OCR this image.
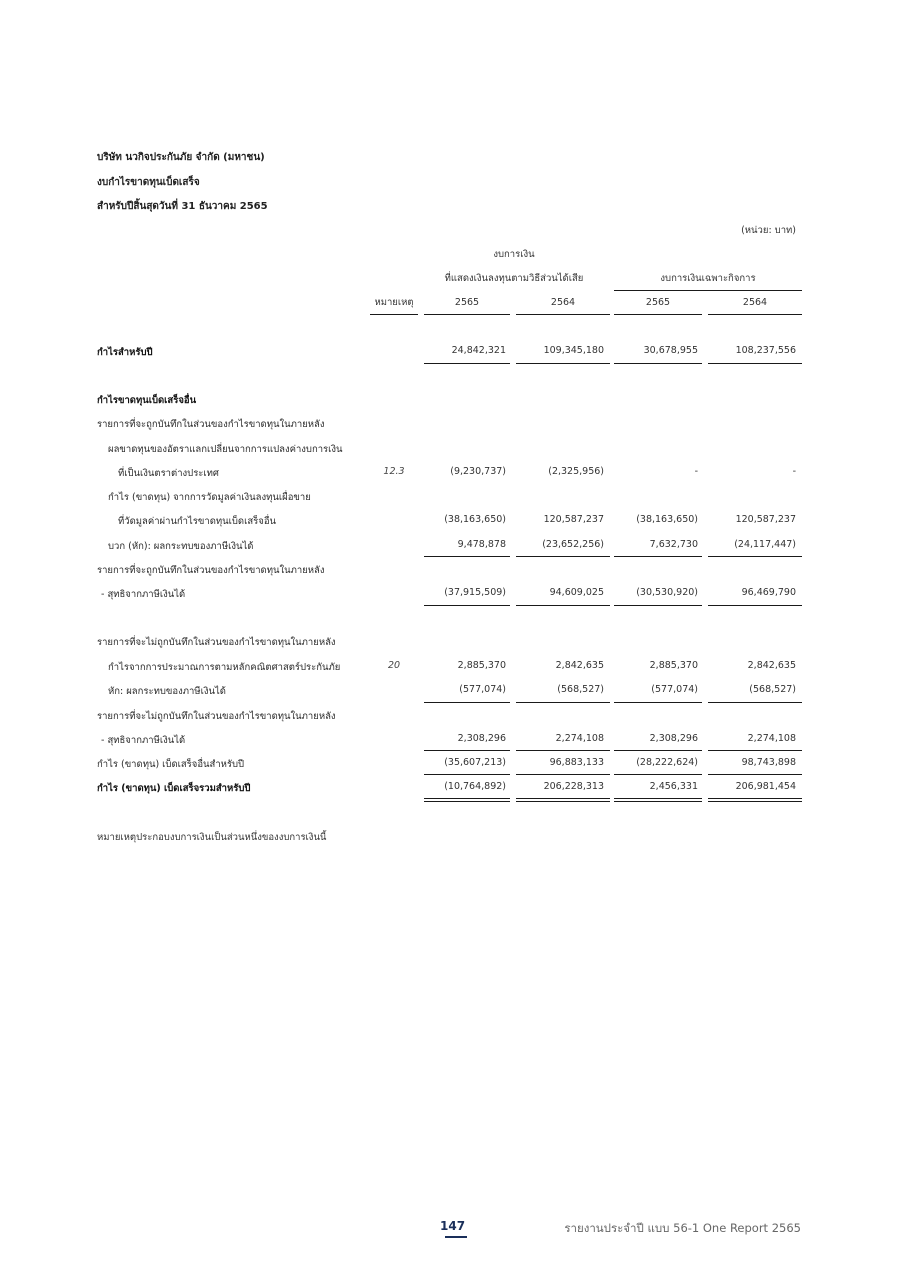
บริษัท นวกิจประกันภัย จำกัด (มหาชน)
งบกำไรขาดทุนเบ็ดเสร็จ
สำหรับปีสิ้นสุดวันที่ 31 ธันวาคม 2565
(หน่วย: บาท)
งบการเงิน
ที่แสดงเงินลงทุนตามวิธีส่วนได้เสีย	งบการเงินเฉพาะกิจการ
หมายเหตุ	2565	2564	2565	2564
กำไรสำหรับปี	24,842,321	109,345,180	30,678,955	108,237,556
กำไรขาดทุนเบ็ดเสร็จอื่น
รายการที่จะถูกบันทึกในส่วนของกำไรขาดทุนในภายหลัง
ผลขาดทุนของอัตราแลกเปลี่ยนจากการแปลงค่างบการเงิน
ที่เป็นเงินตราต่างประเทศ	12.3	(9,230,737)	(2,325,956)	-	-
กำไร (ขาดทุน) จากการวัดมูลค่าเงินลงทุนเผื่อขาย
ที่วัดมูลค่าผ่านกำไรขาดทุนเบ็ดเสร็จอื่น	(38,163,650)	120,587,237	(38,163,650)	120,587,237
บวก (หัก): ผลกระทบของภาษีเงินได้	9,478,878	(23,652,256)	7,632,730	(24,117,447)
รายการที่จะถูกบันทึกในส่วนของกำไรขาดทุนในภายหลัง
- สุทธิจากภาษีเงินได้	(37,915,509)	94,609,025	(30,530,920)	96,469,790
รายการที่จะไม่ถูกบันทึกในส่วนของกำไรขาดทุนในภายหลัง
กำไรจากการประมาณการตามหลักคณิตศาสตร์ประกันภัย	20	2,885,370	2,842,635	2,885,370	2,842,635
หัก: ผลกระทบของภาษีเงินได้	(577,074)	(568,527)	(577,074)	(568,527)
รายการที่จะไม่ถูกบันทึกในส่วนของกำไรขาดทุนในภายหลัง
- สุทธิจากภาษีเงินได้	2,308,296	2,274,108	2,308,296	2,274,108
กำไร (ขาดทุน) เบ็ดเสร็จอื่นสำหรับปี	(35,607,213)	96,883,133	(28,222,624)	98,743,898
กำไร (ขาดทุน) เบ็ดเสร็จรวมสำหรับปี	(10,764,892)	206,228,313	2,456,331	206,981,454
หมายเหตุประกอบงบการเงินเป็นส่วนหนึ่งของงบการเงินนี้
147	รายงานประจำปี แบบ 56-1 One Report 2565
